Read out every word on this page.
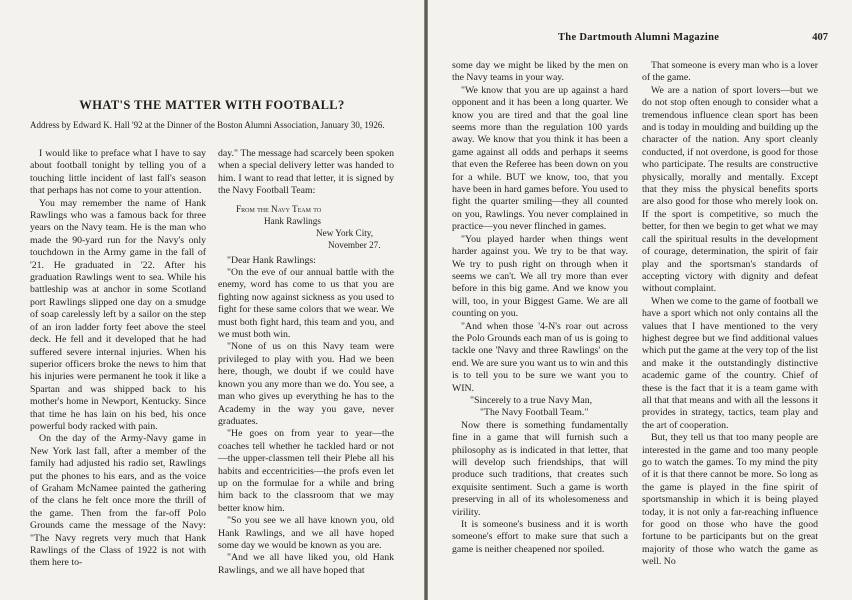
WHAT'S THE MATTER WITH FOOTBALL?

Address by Edward K. Hall '92 at the Dinner of the Boston Alumni Association, January 30, 1926.

I would like to preface what I have to say about football tonight by telling you of a touching little incident of last fall's season that perhaps has not come to your attention.

You may remember the name of Hank Rawlings who was a famous back for three years on the Navy team. He is the man who made the 90-yard run for the Navy's only touchdown in the Army game in the fall of '21. He graduated in '22. After his graduation Rawlings went to sea. While his battleship was at anchor in some Scotland port Rawlings slipped one day on a smudge of soap carelessly left by a sailor on the step of an iron ladder forty feet above the steel deck. He fell and it developed that he had suffered severe internal injuries. When his superior officers broke the news to him that his injuries were permanent he took it like a Spartan and was shipped back to his mother's home in Newport, Kentucky. Since that time he has lain on his bed, his once powerful body racked with pain.

On the day of the Army-Navy game in New York last fall, after a member of the family had adjusted his radio set, Rawlings put the phones to his ears, and as the voice of Graham McNamee painted the gathering of the clans he felt once more the thrill of the game. Then from the far-off Polo Grounds came the message of the Navy: "The Navy regrets very much that Hank Rawlings of the Class of 1922 is not with them here to-

day." The message had scarcely been spoken when a special delivery letter was handed to him. I want to read that letter, it is signed by the Navy Football Team:

From the Navy Team to
Hank Rawlings
New York City,
November 27.

"Dear Hank Rawlings:

"On the eve of our annual battle with the enemy, word has come to us that you are fighting now against sickness as you used to fight for these same colors that we wear. We must both fight hard, this team and you, and we must both win.

"None of us on this Navy team were privileged to play with you. Had we been here, though, we doubt if we could have known you any more than we do. You see, a man who gives up everything he has to the Academy in the way you gave, never graduates.

"He goes on from year to year—the coaches tell whether he tackled hard or not—the upper-classmen tell their Plebe all his habits and eccentricities—the profs even let up on the formulae for a while and bring him back to the classroom that we may better know him.

"So you see we all have known you, old Hank Rawlings, and we all have hoped some day we would be known as you are.

"And we all have liked you, old Hank Rawlings, and we all have hoped that

The Dartmouth Alumni Magazine	407

some day we might be liked by the men on the Navy teams in your way.

"We know that you are up against a hard opponent and it has been a long quarter. We know you are tired and that the goal line seems more than the regulation 100 yards away. We know that you think it has been a game against all odds and perhaps it seems that even the Referee has been down on you for a while. BUT we know, too, that you have been in hard games before. You used to fight the quarter smiling—they all counted on you, Rawlings. You never complained in practice—you never flinched in games.

"You played harder when things went harder against you. We try to be that way. We try to push right on through when it seems we can't. We all try more than ever before in this big game. And we know you will, too, in your Biggest Game. We are all counting on you.

"And when those '4-N's roar out across the Polo Grounds each man of us is going to tackle one 'Navy and three Rawlings' on the end. We are sure you want us to win and this is to tell you to be sure we want you to WIN.

"Sincerely to a true Navy Man,

"The Navy Football Team."

Now there is something fundamentally fine in a game that will furnish such a philosophy as is indicated in that letter, that will develop such friendships, that will produce such traditions, that creates such exquisite sentiment. Such a game is worth preserving in all of its wholesomeness and virility.

It is someone's business and it is worth someone's effort to make sure that such a game is neither cheapened nor spoiled.

That someone is every man who is a lover of the game.

We are a nation of sport lovers—but we do not stop often enough to consider what a tremendous influence clean sport has been and is today in moulding and building up the character of the nation. Any sport cleanly conducted, if not overdone, is good for those who participate. The results are constructive physically, morally and mentally. Except that they miss the physical benefits sports are also good for those who merely look on. If the sport is competitive, so much the better, for then we begin to get what we may call the spiritual results in the development of courage, determination, the spirit of fair play and the sportsman's standards of accepting victory with dignity and defeat without complaint.

When we come to the game of football we have a sport which not only contains all the values that I have mentioned to the very highest degree but we find additional values which put the game at the very top of the list and make it the outstandingly distinctive academic game of the country. Chief of these is the fact that it is a team game with all that that means and with all the lessons it provides in strategy, tactics, team play and the art of cooperation.

But, they tell us that too many people are interested in the game and too many people go to watch the games. To my mind the pity of it is that there cannot be more. So long as the game is played in the fine spirit of sportsmanship in which it is being played today, it is not only a far-reaching influence for good on those who have the good fortune to be participants but on the great majority of those who watch the game as well. No
